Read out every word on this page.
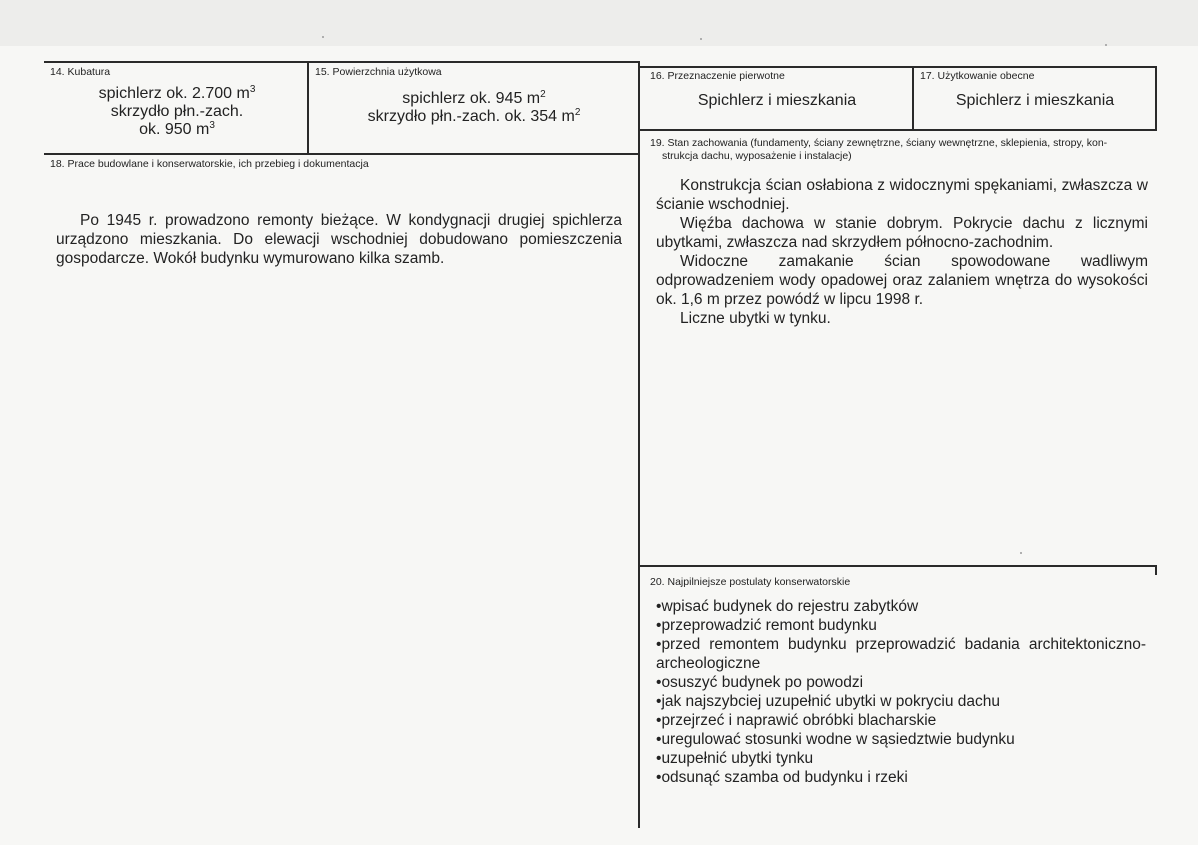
14. Kubatura
spichlerz ok. 2.700 $m^3$
skrzydło płn.-zach.
ok. 950 $m^3$
15. Powierzchnia użytkowa
spichlerz ok. 945 $m^2$
skrzydło płn.-zach. ok. 354 $m^2$
16. Przeznaczenie pierwotne
Spichlerz i mieszkania
17. Użytkowanie obecne
Spichlerz i mieszkania
18. Prace budowlane i konserwatorskie, ich przebieg i dokumentacja

Po 1945 r. prowadzono remonty bieżące. W kondygnacji drugiej spichlerza urządzono mieszkania. Do elewacji wschodniej dobudowano pomieszczenia gospodarcze. Wokół budynku wymurowano kilka szamb.

19. Stan zachowania (fundamenty, ściany zewnętrzne, ściany wewnętrzne, sklepienia, stropy, kon-
strukcja dachu, wyposażenie i instalacje)

Konstrukcja ścian osłabiona z widocznymi spękaniami, zwłaszcza w ścianie wschodniej.

Więźba dachowa w stanie dobrym. Pokrycie dachu z licznymi ubytkami, zwłaszcza nad skrzydłem północno-zachodnim.

Widoczne zamakanie ścian spowodowane wadliwym odprowadzeniem wody opadowej oraz zalaniem wnętrza do wysokości ok. 1,6 m przez powódź w lipcu 1998 r.

Liczne ubytki w tynku.

20. Najpilniejsze postulaty konserwatorskie
• wpisać budynek do rejestru zabytków
• przeprowadzić remont budynku
• przed remontem budynku przeprowadzić badania architektoniczno-archeologiczne
• osuszyć budynek po powodzi
• jak najszybciej uzupełnić ubytki w pokryciu dachu
• przejrzeć i naprawić obróbki blacharskie
• uregulować stosunki wodne w sąsiedztwie budynku
• uzupełnić ubytki tynku
• odsunąć szamba od budynku i rzeki
